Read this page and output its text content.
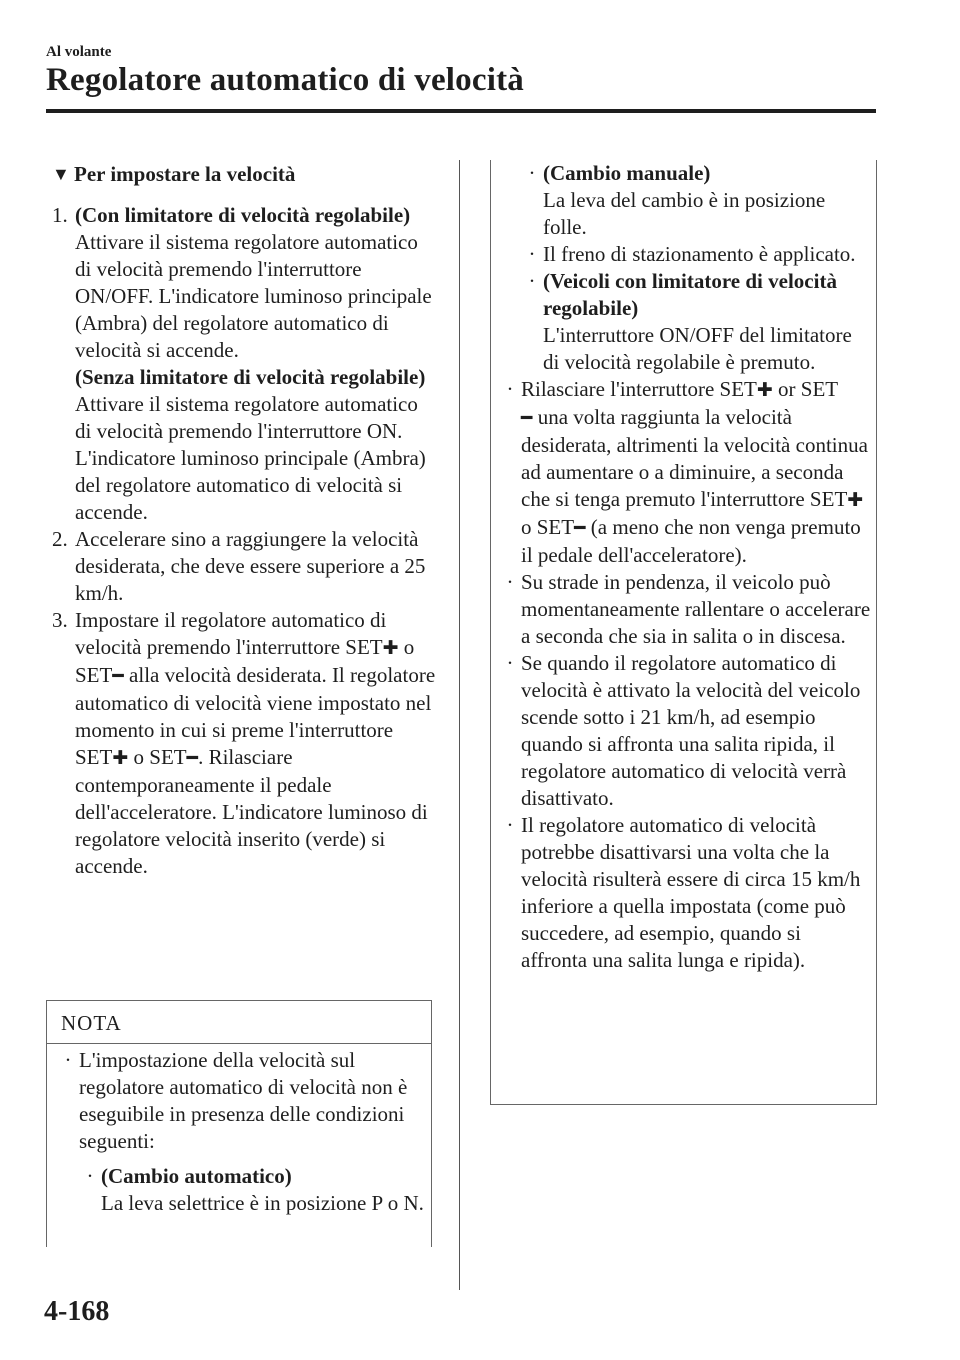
Al volante
Regolatore automatico di velocità
▼ Per impostare la velocità
1. (Con limitatore di velocità regolabile)
Attivare il sistema regolatore automatico di velocità premendo l'interruttore ON/OFF. L'indicatore luminoso principale (Ambra) del regolatore automatico di velocità si accende.
(Senza limitatore di velocità regolabile)
Attivare il sistema regolatore automatico di velocità premendo l'interruttore ON. L'indicatore luminoso principale (Ambra) del regolatore automatico di velocità si accende.
2. Accelerare sino a raggiungere la velocità desiderata, che deve essere superiore a 25 km/h.
3. Impostare il regolatore automatico di velocità premendo l'interruttore SET✚ o SET━ alla velocità desiderata. Il regolatore automatico di velocità viene impostato nel momento in cui si preme l'interruttore SET✚ o SET━. Rilasciare contemporaneamente il pedale dell'acceleratore. L'indicatore luminoso di regolatore velocità inserito (verde) si accende.
NOTA
· L'impostazione della velocità sul regolatore automatico di velocità non è eseguibile in presenza delle condizioni seguenti:
· (Cambio automatico)
La leva selettrice è in posizione P o N.
· (Cambio manuale)
La leva del cambio è in posizione folle.
· Il freno di stazionamento è applicato.
· (Veicoli con limitatore di velocità regolabile)
L'interruttore ON/OFF del limitatore di velocità regolabile è premuto.
· Rilasciare l'interruttore SET✚ or SET
━ una volta raggiunta la velocità desiderata, altrimenti la velocità continua ad aumentare o a diminuire, a seconda che si tenga premuto l'interruttore SET✚ o SET━ (a meno che non venga premuto il pedale dell'acceleratore).
· Su strade in pendenza, il veicolo può momentaneamente rallentare o accelerare a seconda che sia in salita o in discesa.
· Se quando il regolatore automatico di velocità è attivato la velocità del veicolo scende sotto i 21 km/h, ad esempio quando si affronta una salita ripida, il regolatore automatico di velocità verrà disattivato.
· Il regolatore automatico di velocità potrebbe disattivarsi una volta che la velocità risulterà essere di circa 15 km/h inferiore a quella impostata (come può succedere, ad esempio, quando si affronta una salita lunga e ripida).
4-168
